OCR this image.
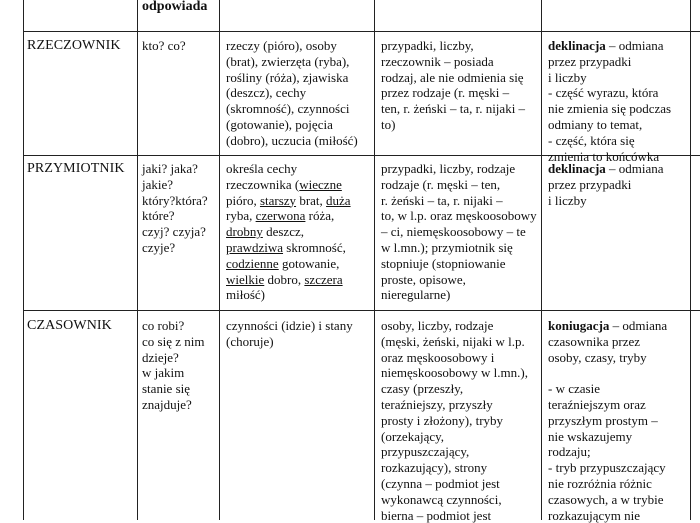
odpowiada
RZECZOWNIK kto? co?	rzeczy (pióro), osoby
(brat), zwierzęta (ryba),
rośliny (róża), zjawiska
(deszcz), cechy
(skromność), czynności
(gotowanie), pojęcia
(dobro), uczucia (miłość)
przypadki, liczby,
rzeczownik – posiada
rodzaj, ale nie odmienia się
przez rodzaje (r. męski –
ten, r. żeński – ta, r. nijaki –
to)
deklinacja – odmiana
przez przypadki
i liczby
- część wyrazu, która
nie zmienia się podczas
odmiany to temat,
- część, która się
zmienia to końcówka
PRZYMIOTNIK jaki? jaka?
jakie?
który?która?
które?
czyj? czyja?
czyje?
określa cechy
rzeczownika (wieczne
pióro, starszy brat, duża
ryba, czerwona róża,
drobny deszcz,
prawdziwa skromność,
codzienne gotowanie,
wielkie dobro, szczera
miłość)
przypadki, liczby, rodzaje
rodzaje (r. męski – ten,
r. żeński – ta, r. nijaki –
to, w l.p. oraz męskoosobowy
– ci, niemęskoosobowy – te
w l.mn.); przymiotnik się
stopniuje (stopniowanie
proste, opisowe,
nieregularne)
deklinacja – odmiana
przez przypadki
i liczby
CZASOWNIK co robi?
co się z nim
dzieje?
w jakim
stanie się
znajduje?
czynności (idzie) i stany
(choruje)
osoby, liczby, rodzaje
(męski, żeński, nijaki w l.p.
oraz męskoosobowy i
niemęskoosobowy w l.mn.),
czasy (przeszły,
teraźniejszy, przyszły
prosty i złożony), tryby
(orzekający,
przypuszczający,
rozkazujący), strony
(czynna – podmiot jest
wykonawcą czynności,
bierna – podmiot jest
koniugacja – odmiana
czasownika przez
osoby, czasy, tryby

- w czasie
teraźniejszym oraz
przyszłym prostym –
nie wskazujemy
rodzaju;
- tryb przypuszczający
nie rozróżnia różnic
czasowych, a w trybie
rozkazującym nie
